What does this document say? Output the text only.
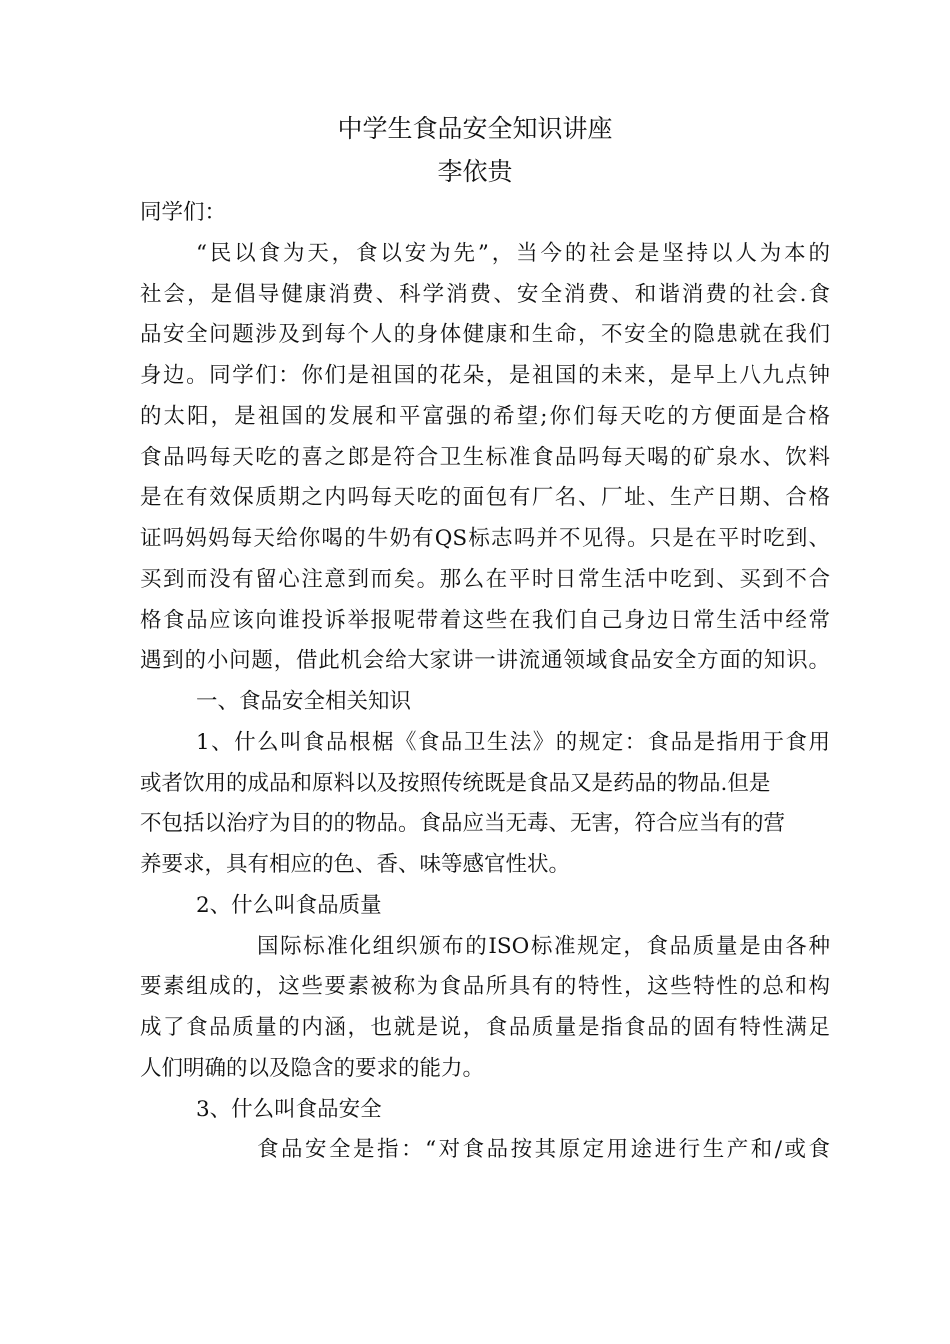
中学生食品安全知识讲座
李依贵
同学们：
“民以食为天，食以安为先”，当今的社会是坚持以人为本的
社会，是倡导健康消费、科学消费、安全消费、和谐消费的社会.食
品安全问题涉及到每个人的身体健康和生命，不安全的隐患就在我们
身边。同学们：你们是祖国的花朵，是祖国的未来，是早上八九点钟
的太阳，是祖国的发展和平富强的希望;你们每天吃的方便面是合格
食品吗每天吃的喜之郎是符合卫生标准食品吗每天喝的矿泉水、饮料
是在有效保质期之内吗每天吃的面包有厂名、厂址、生产日期、合格
证吗妈妈每天给你喝的牛奶有QS标志吗并不见得。只是在平时吃到、
买到而没有留心注意到而矣。那么在平时日常生活中吃到、买到不合
格食品应该向谁投诉举报呢带着这些在我们自己身边日常生活中经常
遇到的小问题，借此机会给大家讲一讲流通领域食品安全方面的知识。
一、食品安全相关知识
1、什么叫食品根椐《食品卫生法》的规定：食品是指用于食用
或者饮用的成品和原料以及按照传统既是食品又是药品的物品.但是
不包括以治疗为目的的物品。食品应当无毒、无害，符合应当有的营
养要求，具有相应的色、香、味等感官性状。
2、什么叫食品质量
国际标准化组织颁布的ISO标准规定，食品质量是由各种
要素组成的，这些要素被称为食品所具有的特性，这些特性的总和构
成了食品质量的内涵，也就是说，食品质量是指食品的固有特性满足
人们明确的以及隐含的要求的能力。
3、什么叫食品安全
食品安全是指：“对食品按其原定用途进行生产和/或食
